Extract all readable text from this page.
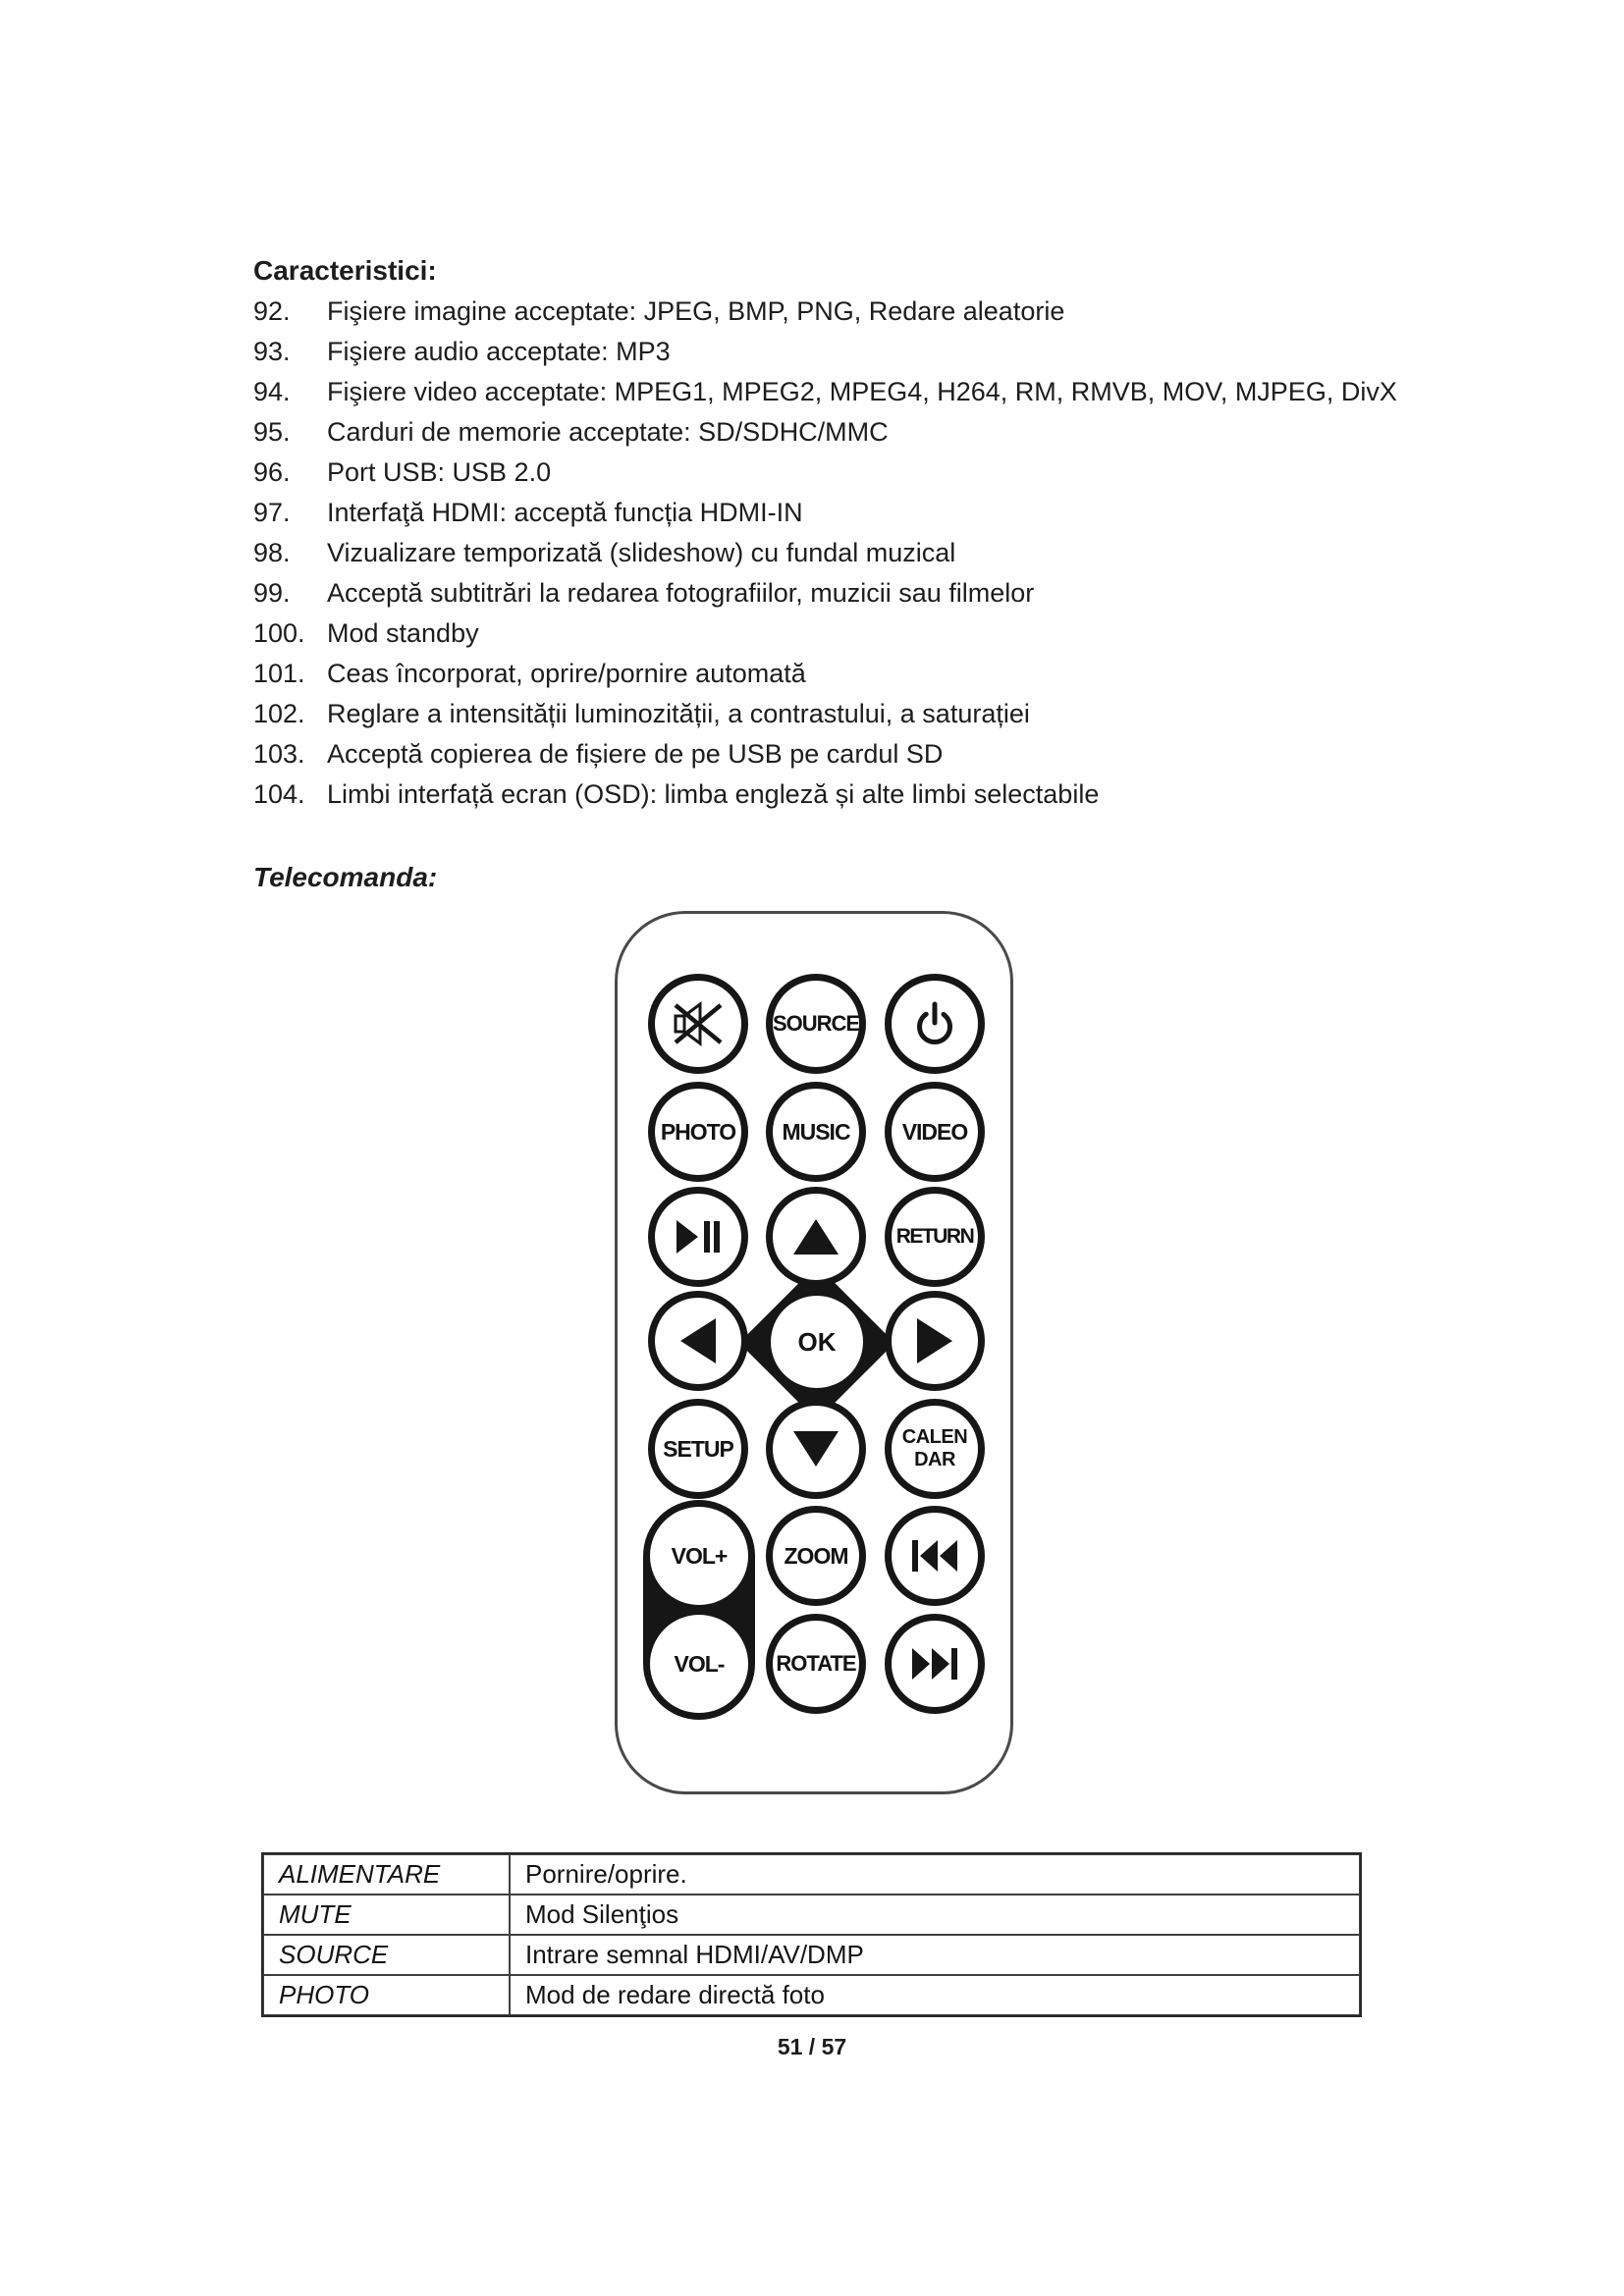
Caracteristici:
92.	Fişiere imagine acceptate: JPEG, BMP, PNG, Redare aleatorie
93.	Fişiere audio acceptate: MP3
94.	Fişiere video acceptate: MPEG1, MPEG2, MPEG4, H264, RM, RMVB, MOV, MJPEG, DivX
95.	Carduri de memorie acceptate: SD/SDHC/MMC
96.	Port USB: USB 2.0
97.	Interfaţă HDMI: acceptă funcția HDMI-IN
98.	Vizualizare temporizată (slideshow) cu fundal muzical
99.	Acceptă subtitrări la redarea fotografiilor, muzicii sau filmelor
100. Mod standby
101. Ceas încorporat, oprire/pornire automată
102. Reglare a intensității luminozității, a contrastului, a saturației
103. Acceptă copierea de fișiere de pe USB pe cardul SD
104. Limbi interfață ecran (OSD): limba engleză și alte limbi selectabile
Telecomanda:
SOURCE
PHOTO MUSIC VIDEO
RETURN
OK
SETUP	CALEN
DAR
VOL+	ZOOM
VOL- ROTATE
ALIMENTARE	Pornire/oprire.
MUTE	Mod Silenţios
SOURCE	Intrare semnal HDMI/AV/DMP
PHOTO	Mod de redare directă foto
51 / 57
